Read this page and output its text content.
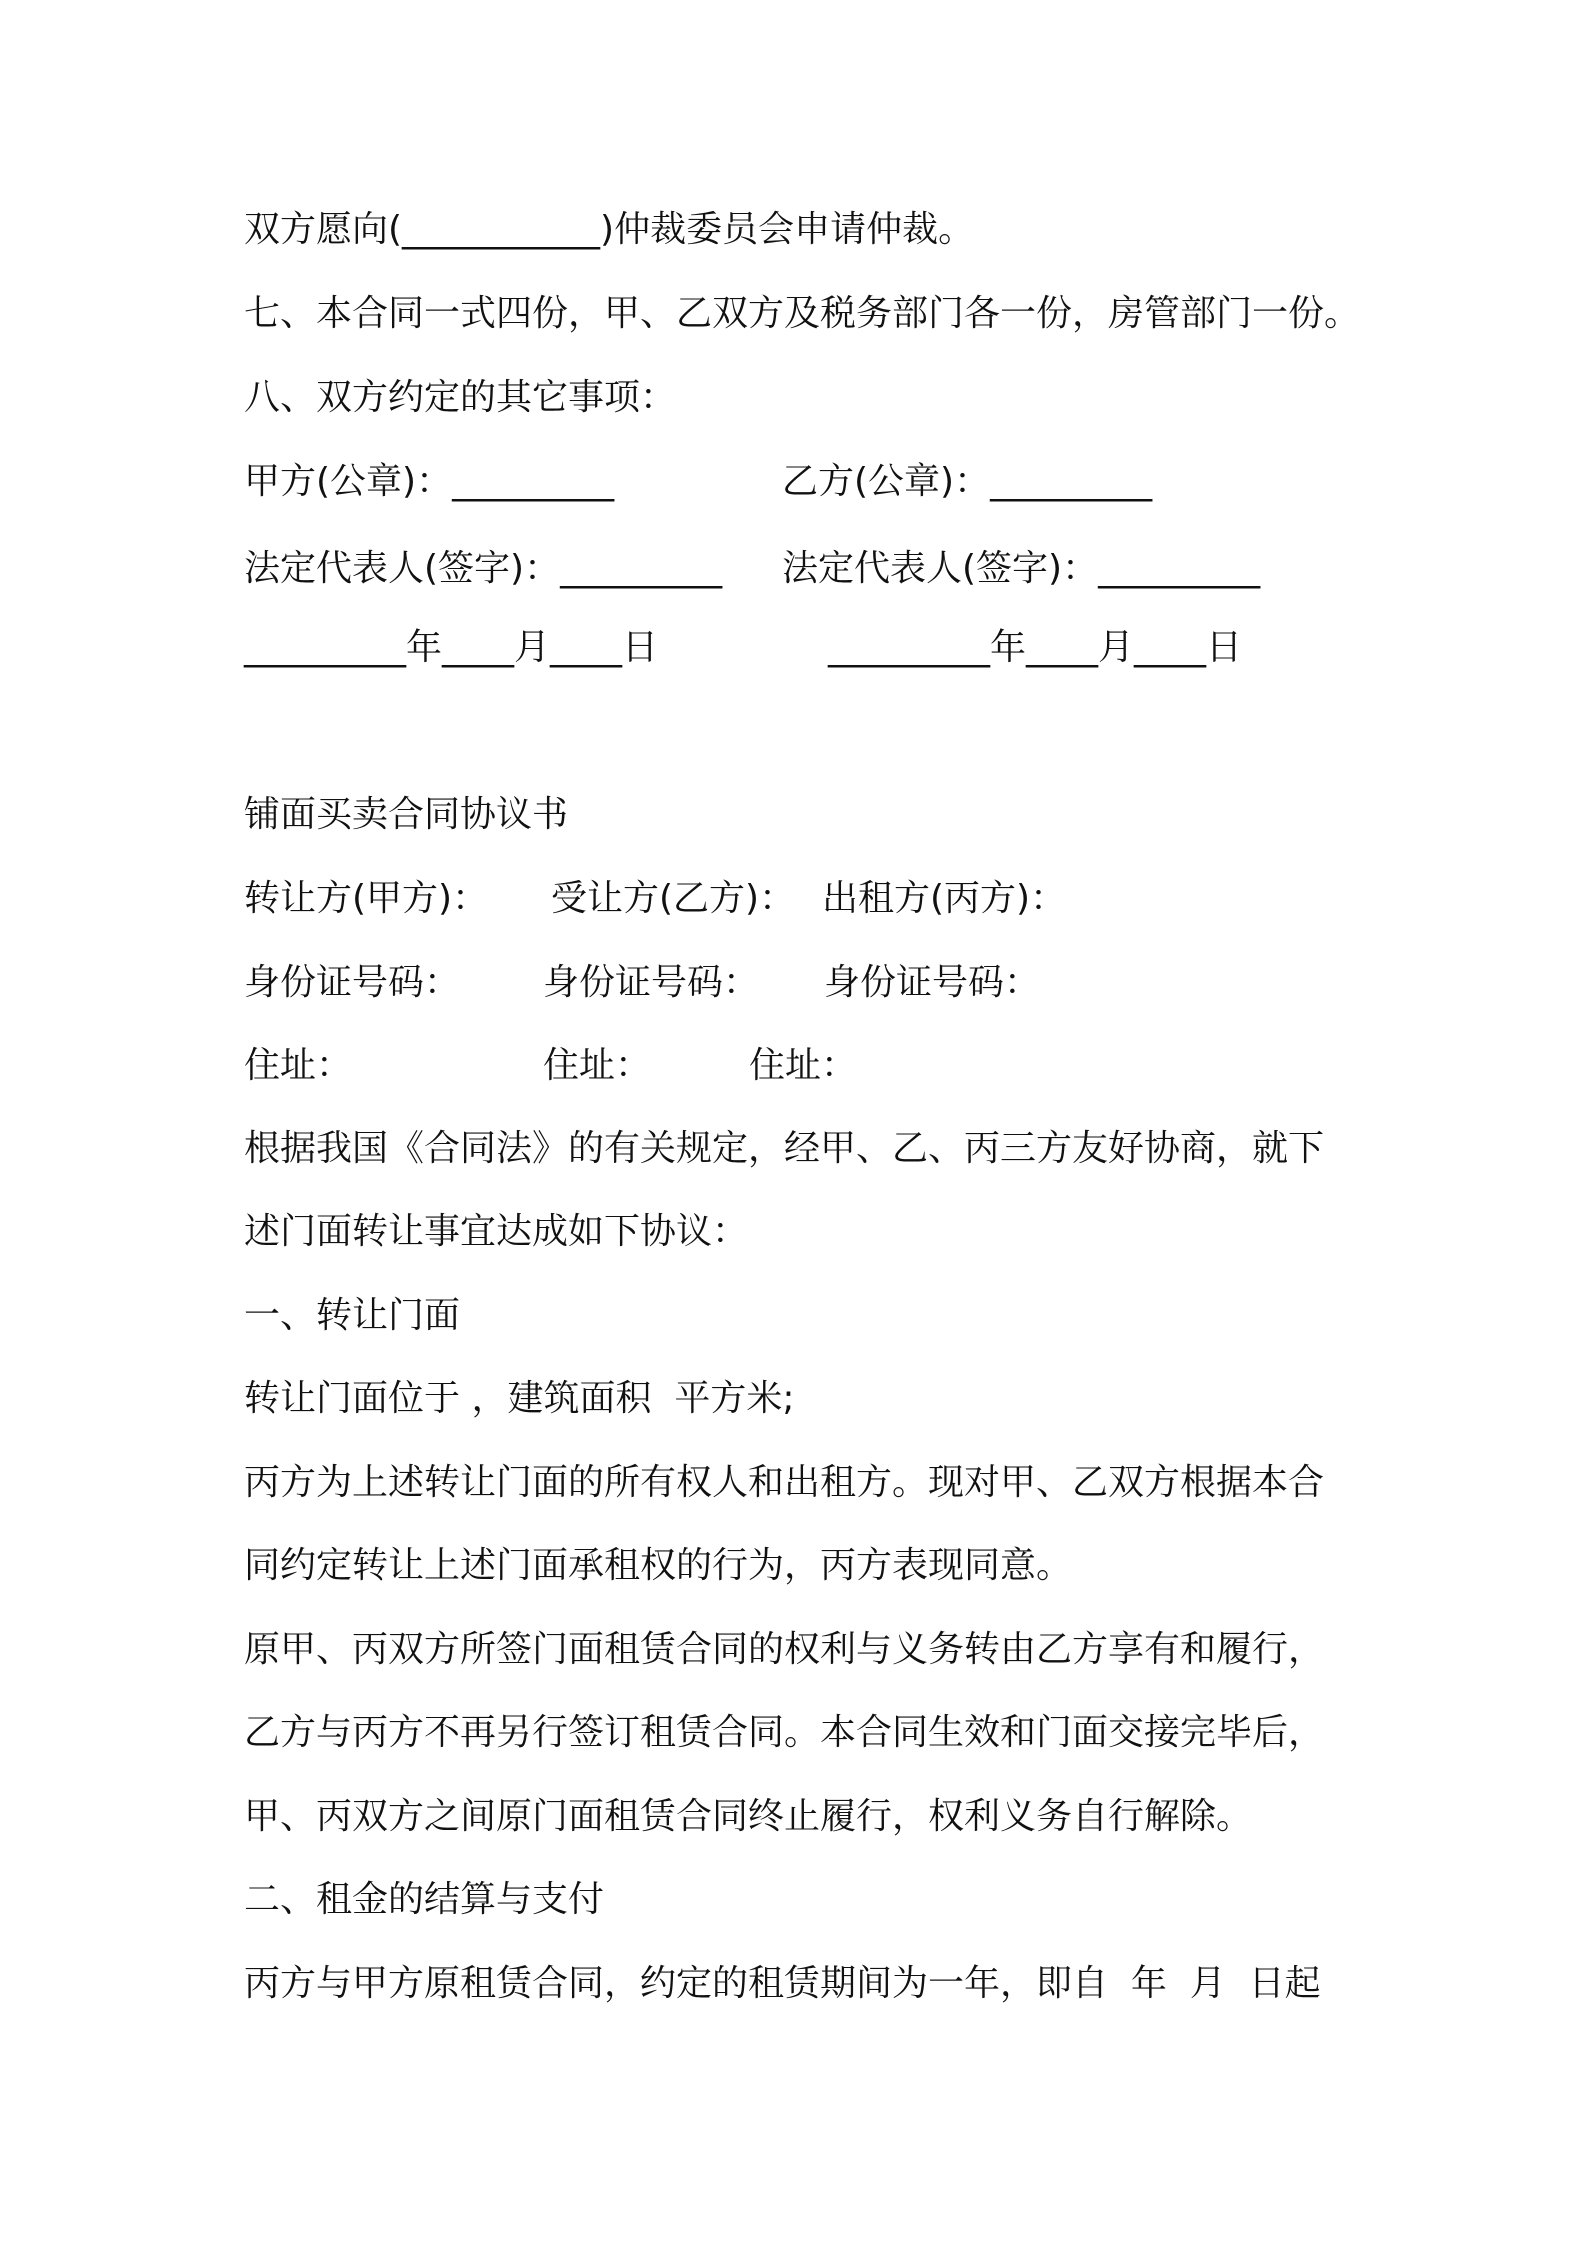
双方愿向(___________)仲裁委员会申请仲裁。
七、本合同一式四份，甲、乙双方及税务部门各一份，房管部门一份。
八、双方约定的其它事项：
甲方(公章)：_________	乙方(公章)：_________
法定代表人(签字)：_________ 法定代表人(签字)：_________
_________年____月____日	_________年____月____日
铺面买卖合同协议书
转让方(甲方)： 受让方(乙方)： 出租方(丙方)：
身份证号码： 身份证号码： 身份证号码：
住址：	住址：	住址：
根据我国《合同法》的有关规定，经甲、乙、丙三方友好协商，就下
述门面转让事宜达成如下协议：
一、转让门面
转让门面位于 ，建筑面积  平方米;
丙方为上述转让门面的所有权人和出租方。现对甲、乙双方根据本合
同约定转让上述门面承租权的行为，丙方表现同意。
原甲、丙双方所签门面租赁合同的权利与义务转由乙方享有和履行，
乙方与丙方不再另行签订租赁合同。本合同生效和门面交接完毕后，
甲、丙双方之间原门面租赁合同终止履行，权利义务自行解除。
二、租金的结算与支付
丙方与甲方原租赁合同，约定的租赁期间为一年，即自  年  月  日起
